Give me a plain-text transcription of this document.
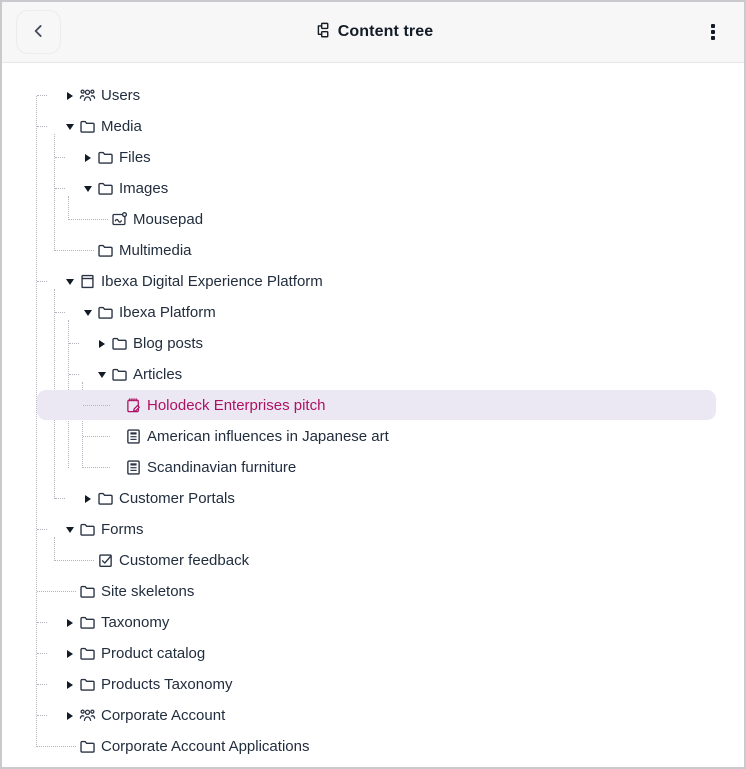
Content tree
Users
Media
Files
Images
Mousepad
Multimedia
Ibexa Digital Experience Platform
Ibexa Platform
Blog posts
Articles
Holodeck Enterprises pitch
American influences in Japanese art
Scandinavian furniture
Customer Portals
Forms
Customer feedback
Site skeletons
Taxonomy
Product catalog
Products Taxonomy
Corporate Account
Corporate Account Applications
